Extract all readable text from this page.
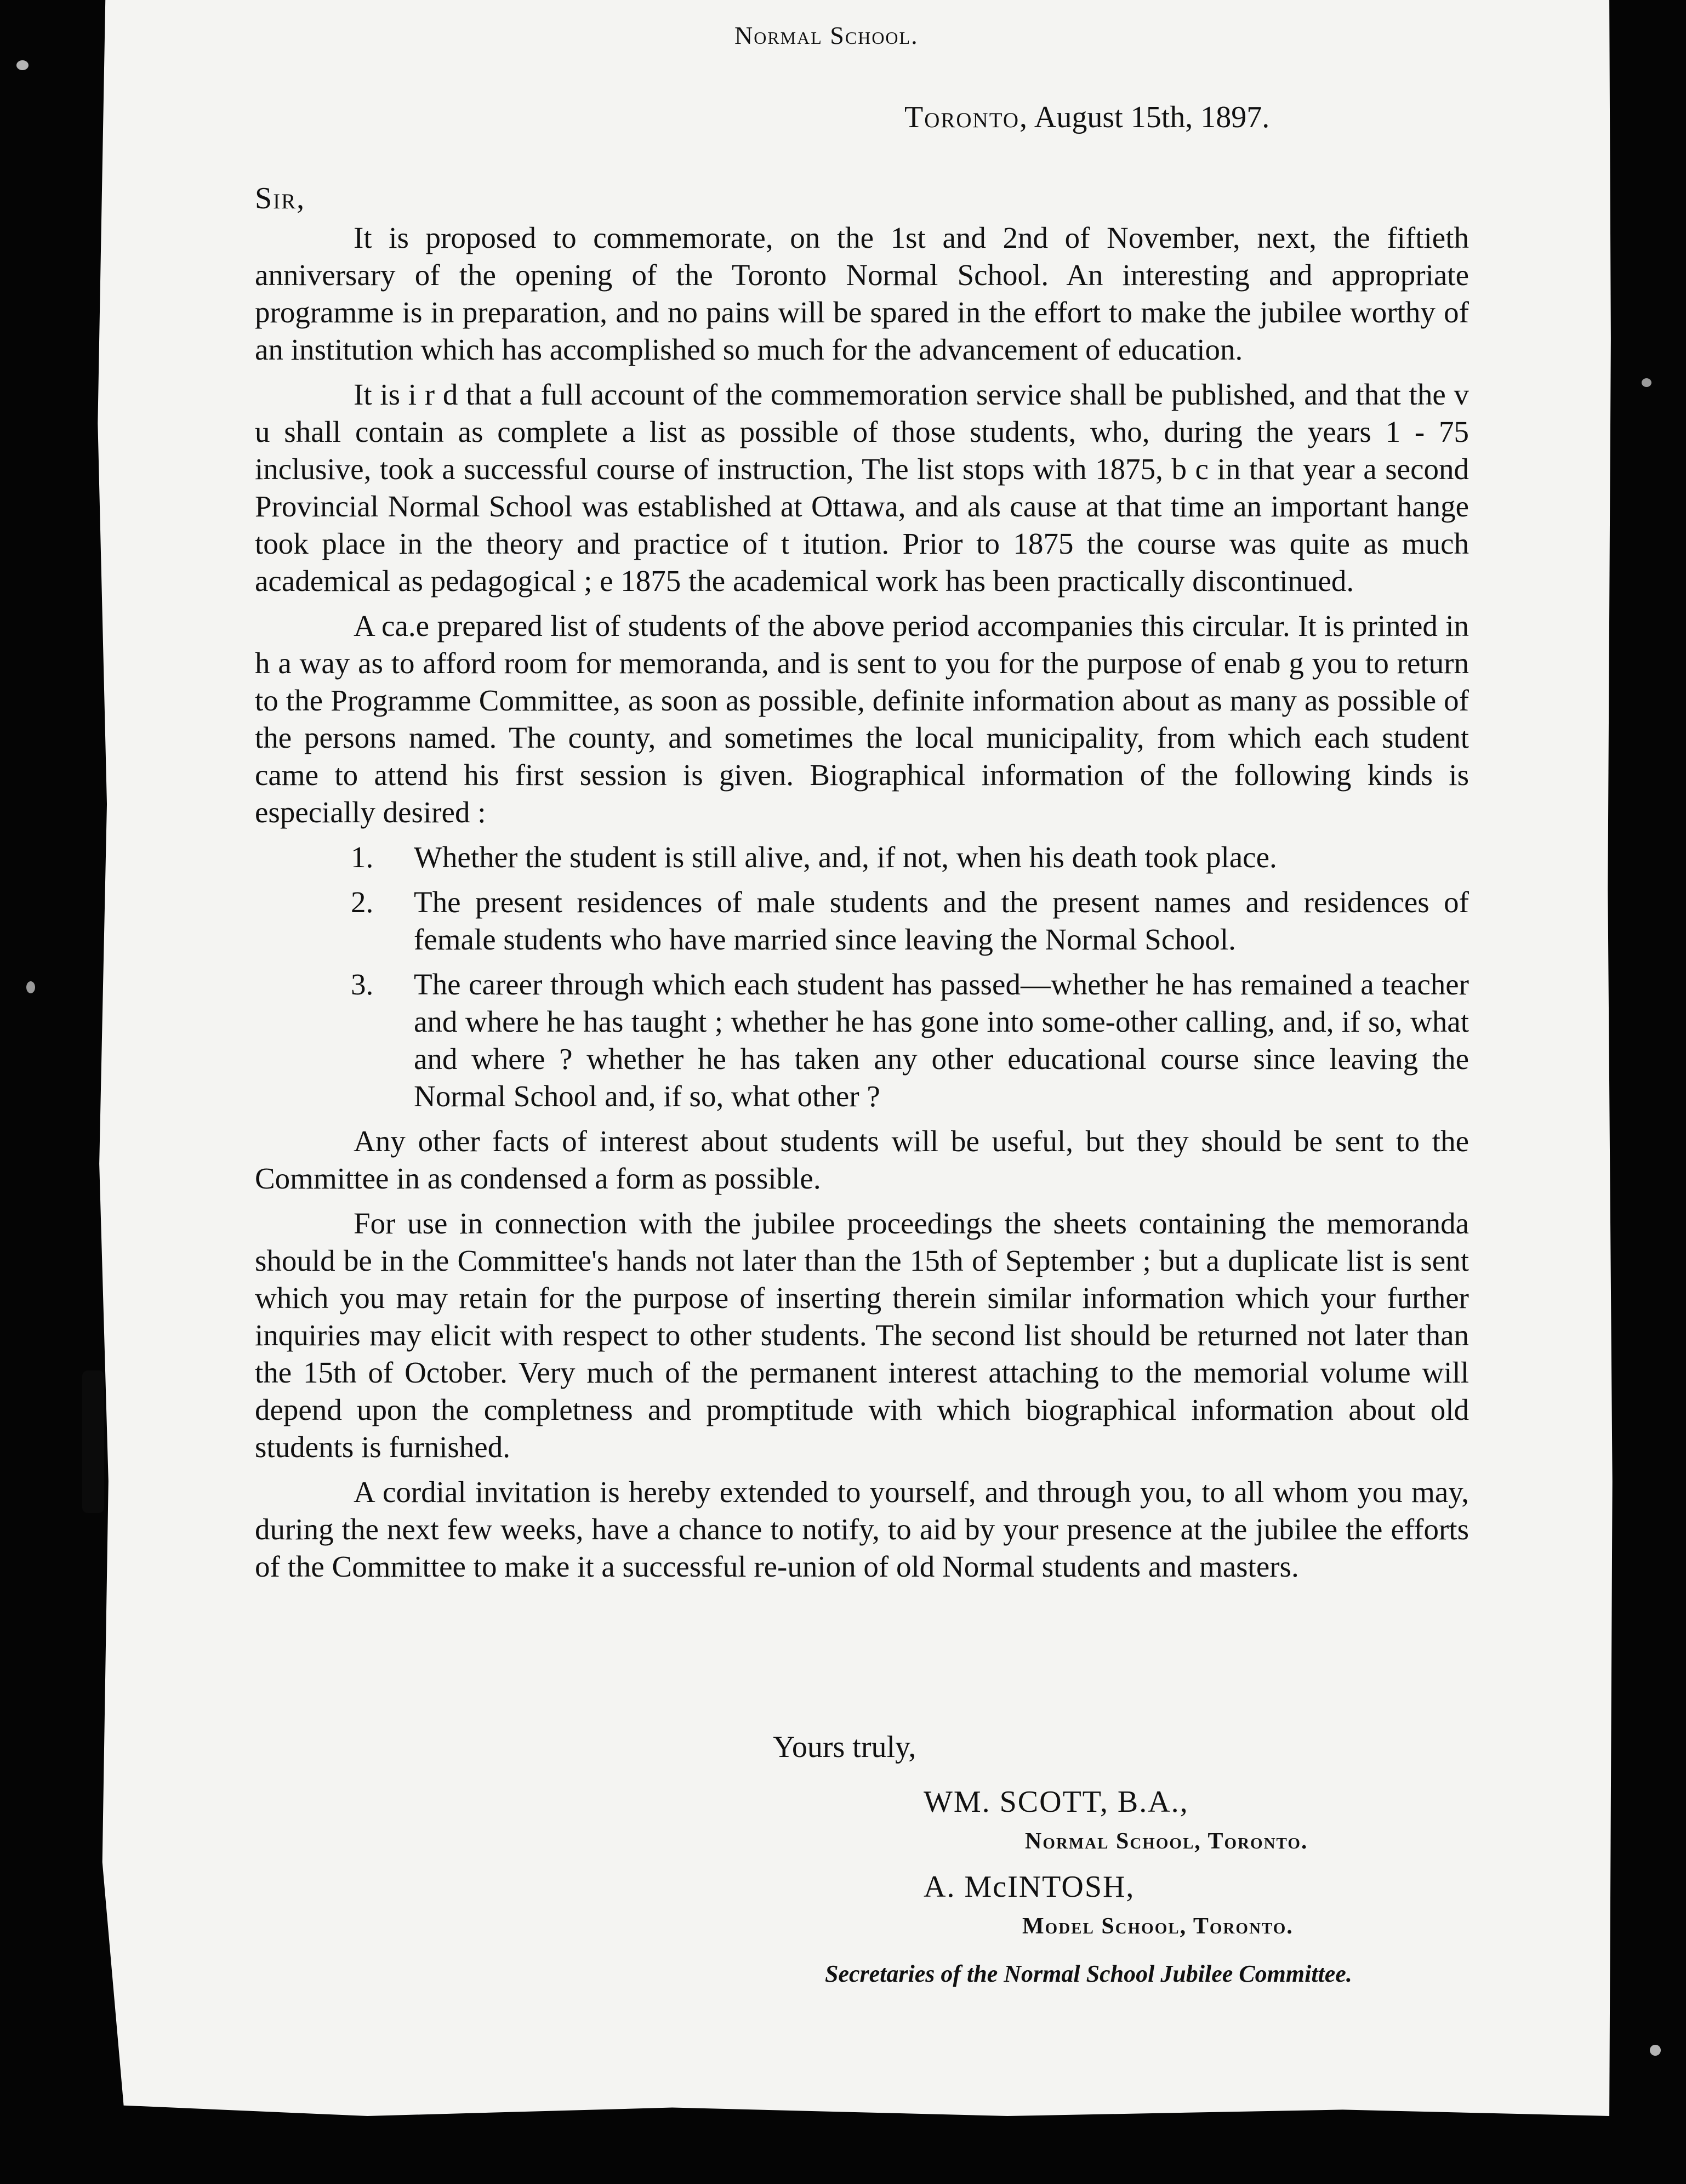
Normal School.
Toronto, August 15th, 1897.
Sir,

It is proposed to commemorate, on the 1st and 2nd of November, next, the fiftieth anniversary of the opening of the Toronto Normal School. An interesting and appropriate programme is in preparation, and no pains will be spared in the effort to make the jubilee worthy of an institution which has accomplished so much for the advancement of education.

It is i r d that a full account of the commemoration service shall be published, and that the v u shall contain as complete a list as possible of those students, who, during the years 1 ‑ 75 inclusive, took a successful course of instruction, The list stops with 1875, b c in that year a second Provincial Normal School was established at Ottawa, and als cause at that time an important hange took place in the theory and practice of t itution. Prior to 1875 the course was quite as much academical as pedagogical ; e 1875 the academical work has been practically discontinued.

A ca.e prepared list of students of the above period accompanies this circular. It is printed in h a way as to afford room for memoranda, and is sent to you for the purpose of enab g you to return to the Programme Committee, as soon as possible, definite information about as many as possible of the persons named. The county, and sometimes the local municipality, from which each student came to attend his first session is given. Biographical information of the following kinds is especially desired :

1.	Whether the student is still alive, and, if not, when his death took place.
2.	The present residences of male students and the present names and residences of female students who have married since leaving the Normal School.
3.	The career through which each student has passed—whether he has remained a teacher and where he has taught ; whether he has gone into some-other calling, and, if so, what and where ? whether he has taken any other educational course since leaving the Normal School and, if so, what other ?

Any other facts of interest about students will be useful, but they should be sent to the Committee in as condensed a form as possible.

For use in connection with the jubilee proceedings the sheets containing the memoranda should be in the Committee's hands not later than the 15th of September ; but a duplicate list is sent which you may retain for the purpose of inserting therein similar information which your further inquiries may elicit with respect to other students. The second list should be returned not later than the 15th of October. Very much of the permanent interest attaching to the memorial volume will depend upon the completness and promptitude with which biographical information about old students is furnished.

A cordial invitation is hereby extended to yourself, and through you, to all whom you may, during the next few weeks, have a chance to notify, to aid by your presence at the jubilee the efforts of the Committee to make it a successful re-union of old Normal students and masters.

Yours truly,
WM. SCOTT, B.A.,
Normal School, Toronto.
A. McINTOSH,
Model School, Toronto.
Secretaries of the Normal School Jubilee Committee.
